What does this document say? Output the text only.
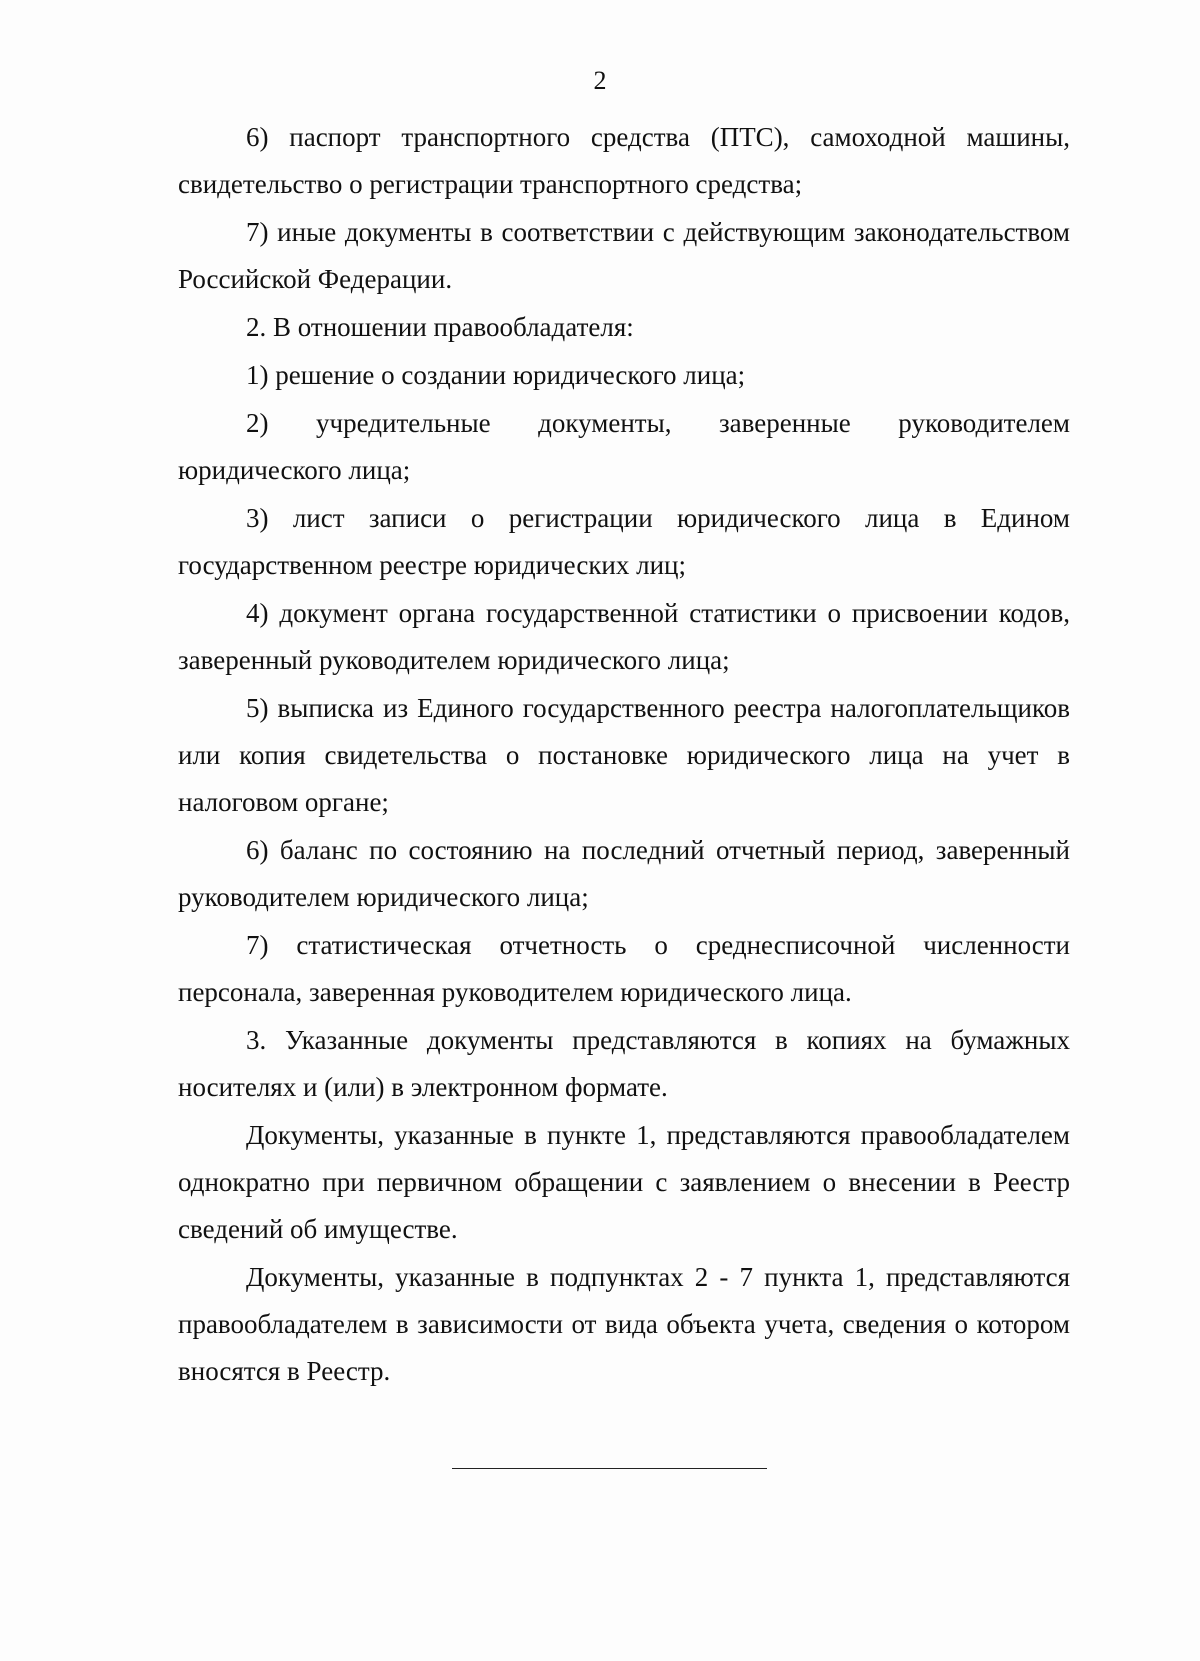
2

6) паспорт транспортного средства (ПТС), самоходной машины, свидетельство о регистрации транспортного средства;

7) иные документы в соответствии с действующим законодательством Российской Федерации.

2. В отношении правообладателя:

1) решение о создании юридического лица;

2) учредительные документы, заверенные руководителем юридического лица;

3) лист записи о регистрации юридического лица в Едином государственном реестре юридических лиц;

4) документ органа государственной статистики о присвоении кодов, заверенный руководителем юридического лица;

5) выписка из Единого государственного реестра налогоплательщиков или копия свидетельства о постановке юридического лица на учет в налоговом органе;

6) баланс по состоянию на последний отчетный период, заверенный руководителем юридического лица;

7) статистическая отчетность о среднесписочной численности персонала, заверенная руководителем юридического лица.

3. Указанные документы представляются в копиях на бумажных носителях и (или) в электронном формате.

Документы, указанные в пункте 1, представляются правообладателем однократно при первичном обращении с заявлением о внесении в Реестр сведений об имуществе.

Документы, указанные в подпунктах 2 - 7 пункта 1, представляются правообладателем в зависимости от вида объекта учета, сведения о котором вносятся в Реестр.
